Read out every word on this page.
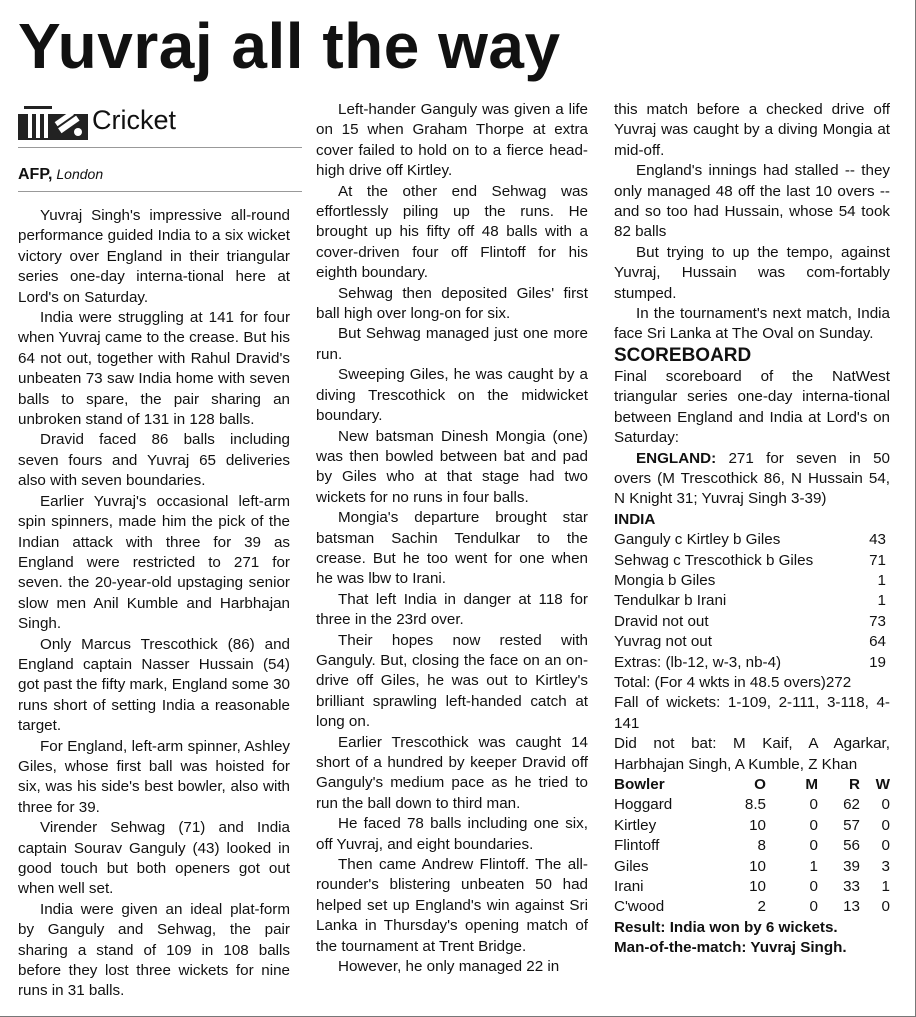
Yuvraj all the way
Cricket
AFP, London

Yuvraj Singh's impressive all-round performance guided India to a six wicket victory over England in their triangular series one-day interna-tional here at Lord's on Saturday.

India were struggling at 141 for four when Yuvraj came to the crease. But his 64 not out, together with Rahul Dravid's unbeaten 73 saw India home with seven balls to spare, the pair sharing an unbroken stand of 131 in 128 balls.

Dravid faced 86 balls including seven fours and Yuvraj 65 deliveries also with seven boundaries.

Earlier Yuvraj's occasional left-arm spin spinners, made him the pick of the Indian attack with three for 39 as England were restricted to 271 for seven. the 20-year-old upstaging senior slow men Anil Kumble and Harbhajan Singh.

Only Marcus Trescothick (86) and England captain Nasser Hussain (54) got past the fifty mark, England some 30 runs short of setting India a reasonable target.

For England, left-arm spinner, Ashley Giles, whose first ball was hoisted for six, was his side's best bowler, also with three for 39.

Virender Sehwag (71) and India captain Sourav Ganguly (43) looked in good touch but both openers got out when well set.

India were given an ideal plat-form by Ganguly and Sehwag, the pair sharing a stand of 109 in 108 balls before they lost three wickets for nine runs in 31 balls.

Left-hander Ganguly was given a life on 15 when Graham Thorpe at extra cover failed to hold on to a fierce head-high drive off Kirtley.

At the other end Sehwag was effortlessly piling up the runs. He brought up his fifty off 48 balls with a cover-driven four off Flintoff for his eighth boundary.

Sehwag then deposited Giles' first ball high over long-on for six.

But Sehwag managed just one more run.

Sweeping Giles, he was caught by a diving Trescothick on the midwicket boundary.

New batsman Dinesh Mongia (one) was then bowled between bat and pad by Giles who at that stage had two wickets for no runs in four balls.

Mongia's departure brought star batsman Sachin Tendulkar to the crease. But he too went for one when he was lbw to Irani.

That left India in danger at 118 for three in the 23rd over.

Their hopes now rested with Ganguly. But, closing the face on an on-drive off Giles, he was out to Kirtley's brilliant sprawling left-handed catch at long on.

Earlier Trescothick was caught 14 short of a hundred by keeper Dravid off Ganguly's medium pace as he tried to run the ball down to third man.

He faced 78 balls including one six, off Yuvraj, and eight boundaries.

Then came Andrew Flintoff. The all-rounder's blistering unbeaten 50 had helped set up England's win against Sri Lanka in Thursday's opening match of the tournament at Trent Bridge.

However, he only managed 22 in

this match before a checked drive off Yuvraj was caught by a diving Mongia at mid-off.

England's innings had stalled -- they only managed 48 off the last 10 overs -- and so too had Hussain, whose 54 took 82 balls

But trying to up the tempo, against Yuvraj, Hussain was com-fortably stumped.

In the tournament's next match, India face Sri Lanka at The Oval on Sunday.

SCOREBOARD

Final scoreboard of the NatWest triangular series one-day interna-tional between England and India at Lord's on Saturday:

ENGLAND: 271 for seven in 50 overs (M Trescothick 86, N Hussain 54, N Knight 31; Yuvraj Singh 3-39)

INDIA
Ganguly c Kirtley b Giles	43
Sehwag c Trescothick b Giles	71
Mongia b Giles	1
Tendulkar b Irani	1
Dravid not out	73
Yuvrag not out	64
Extras: (lb-12, w-3, nb-4)	19
Total: (For 4 wkts in 48.5 overs)272
Fall of wickets: 1-109, 2-111, 3-118, 4-141
Did not bat: M Kaif, A Agarkar, Harbhajan Singh, A Kumble, Z Khan
Bowler	O	M	R	W
Hoggard	8.5	0	62	0
Kirtley	10	0	57	0
Flintoff	8	0	56	0
Giles	10	1	39	3
Irani	10	0	33	1
C'wood	2	0	13	0
Result: India won by 6 wickets.
Man-of-the-match: Yuvraj Singh.
